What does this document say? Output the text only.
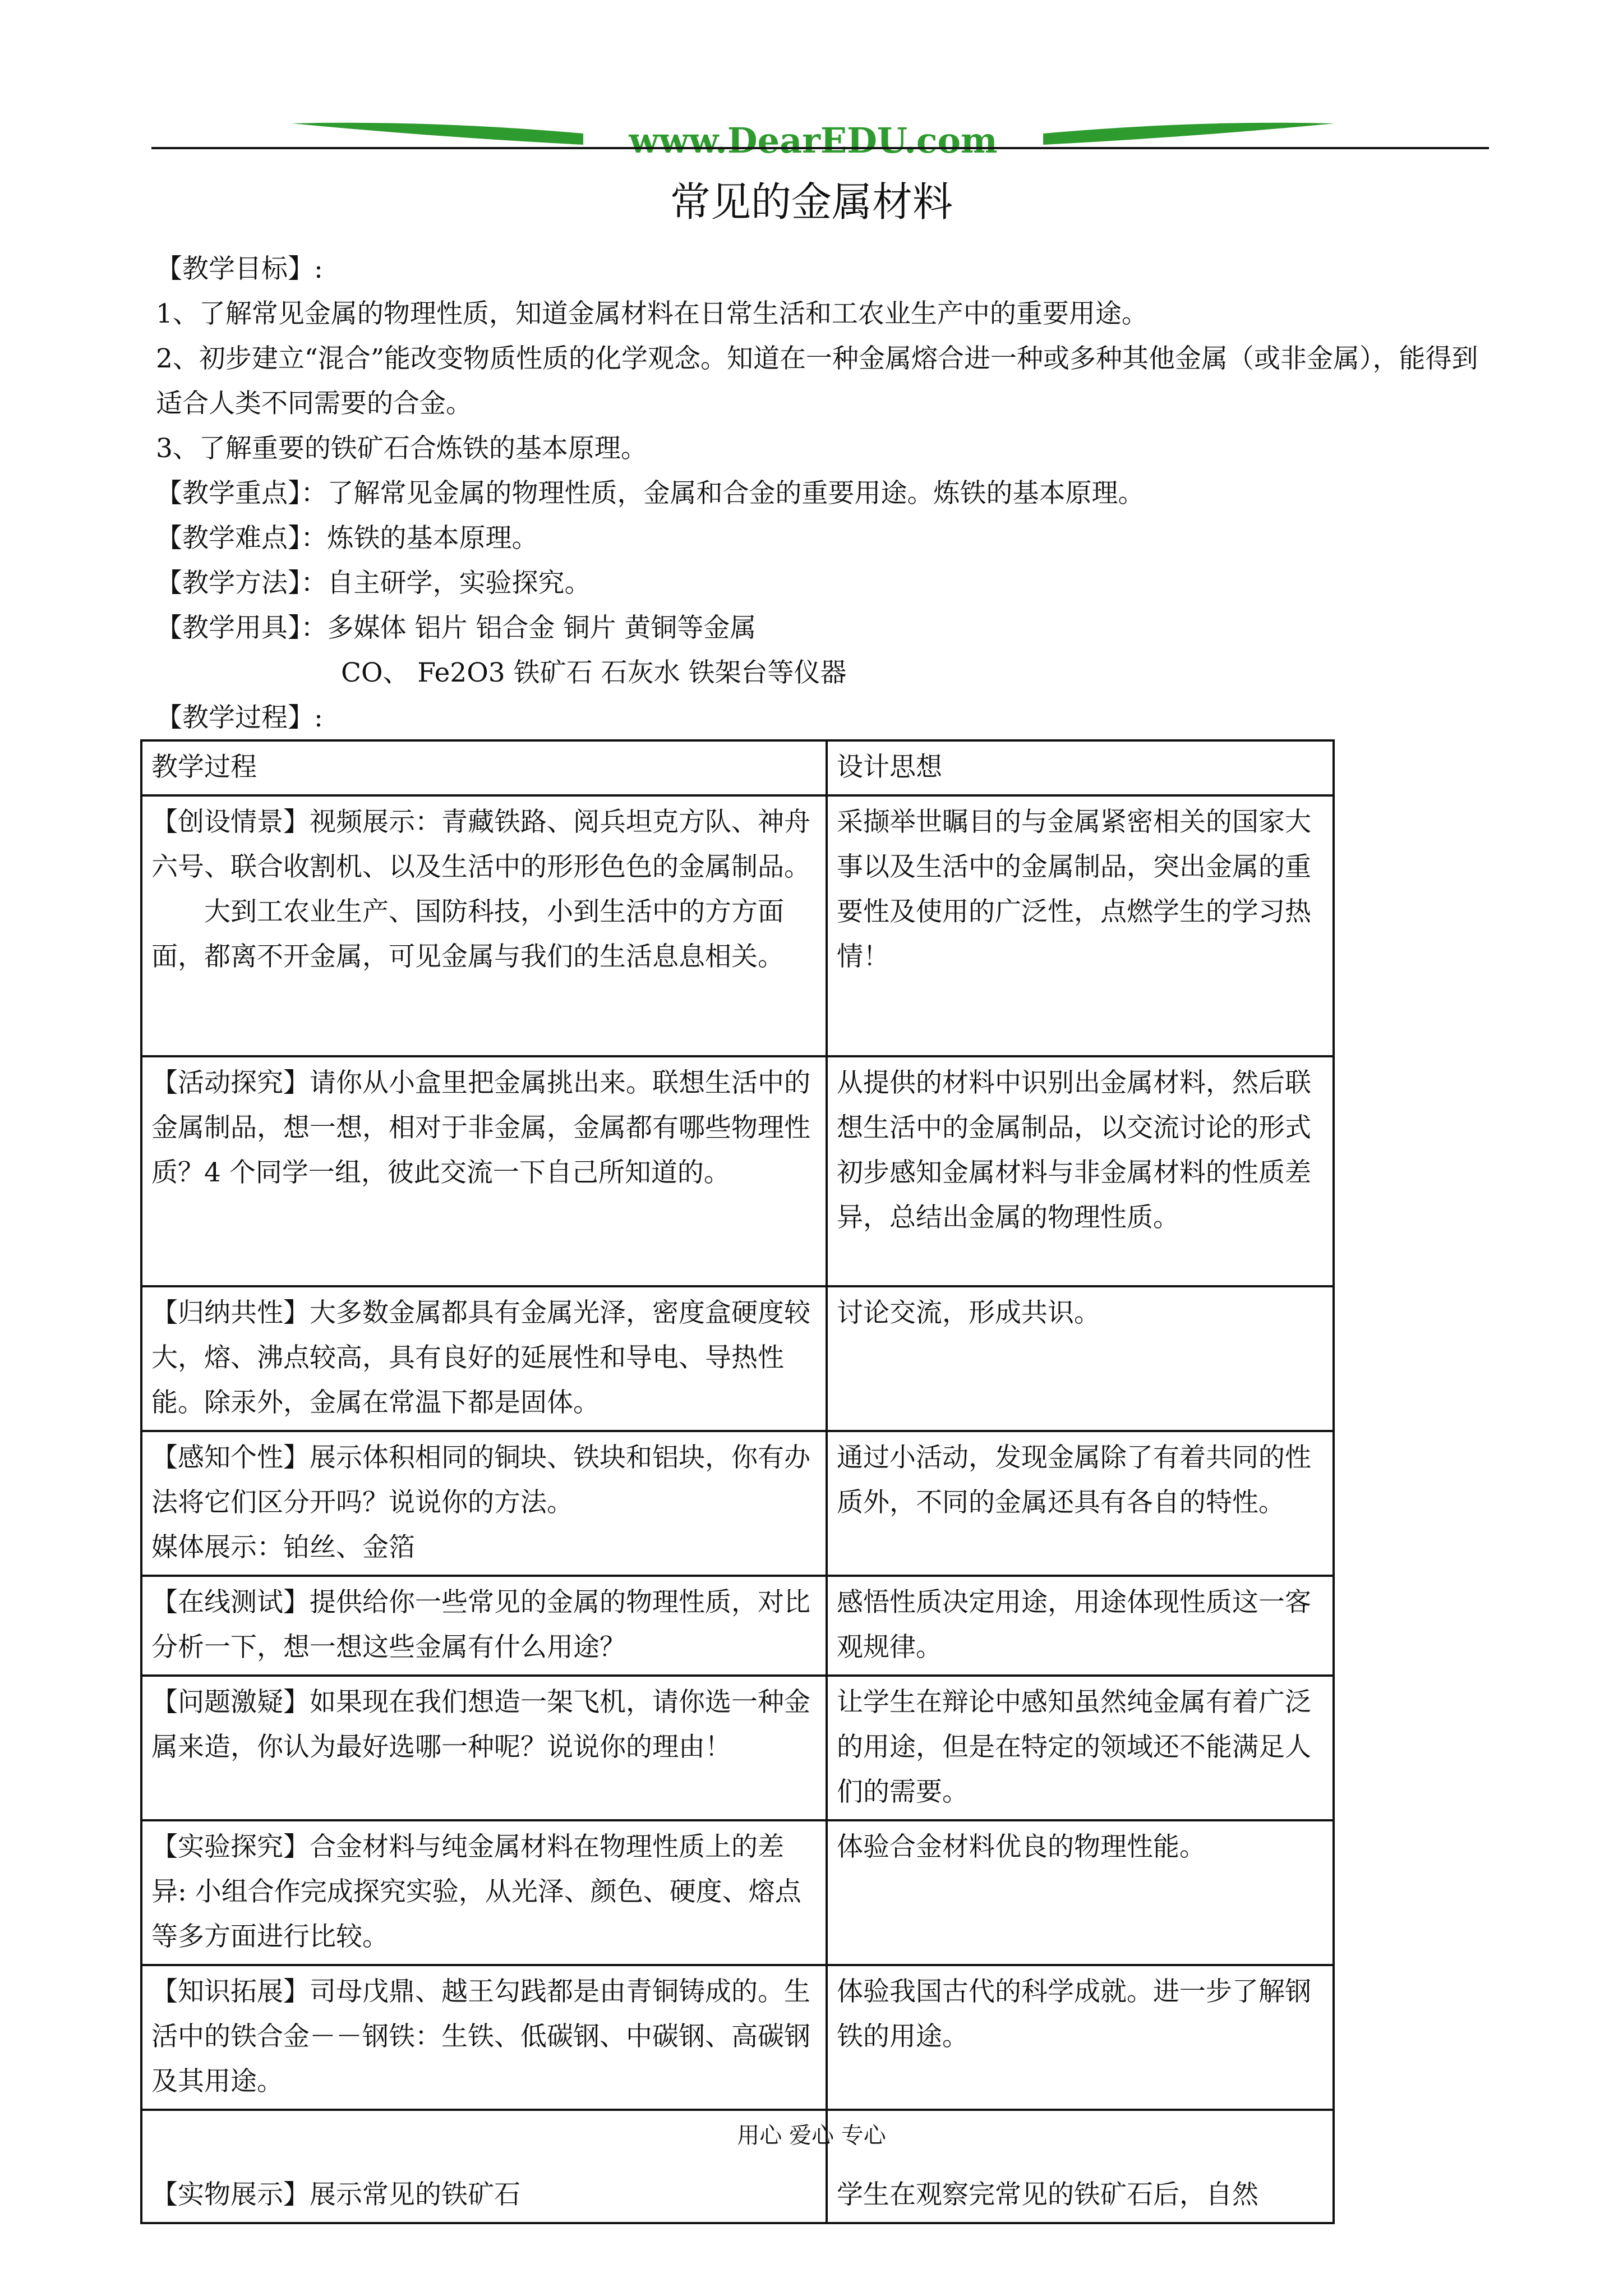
www.DearEDU.com
常见的金属材料
【教学目标】:
1、了解常见金属的物理性质，知道金属材料在日常生活和工农业生产中的重要用途。
2、初步建立“混合”能改变物质性质的化学观念。知道在一种金属熔合进一种或多种其他金属（或非金属），能得到适合人类不同需要的合金。
3、了解重要的铁矿石合炼铁的基本原理。
【教学重点】：了解常见金属的物理性质，金属和合金的重要用途。炼铁的基本原理。
【教学难点】：炼铁的基本原理。
【教学方法】：自主研学，实验探究。
【教学用具】：多媒体 铝片 铝合金 铜片 黄铜等金属
CO、 Fe2O3 铁矿石 石灰水 铁架台等仪器
【教学过程】:
教学过程	设计思想

【创设情景】视频展示：青藏铁路、阅兵坦克方队、神舟六号、联合收割机、以及生活中的形形色色的金属制品。
大到工农业生产、国防科技，小到生活中的方方面面，都离不开金属，可见金属与我们的生活息息相关。	采撷举世瞩目的与金属紧密相关的国家大事以及生活中的金属制品，突出金属的重要性及使用的广泛性，点燃学生的学习热情！
【活动探究】请你从小盒里把金属挑出来。联想生活中的金属制品，想一想，相对于非金属，金属都有哪些物理性质？4 个同学一组，彼此交流一下自己所知道的。	从提供的材料中识别出金属材料，然后联想生活中的金属制品，以交流讨论的形式初步感知金属材料与非金属材料的性质差异，总结出金属的物理性质。
【归纳共性】大多数金属都具有金属光泽，密度盒硬度较大，熔、沸点较高，具有良好的延展性和导电、导热性能。除汞外，金属在常温下都是固体。	讨论交流，形成共识。

【感知个性】展示体积相同的铜块、铁块和铝块，你有办法将它们区分开吗？说说你的方法。
媒体展示：铂丝、金箔	通过小活动，发现金属除了有着共同的性质外，不同的金属还具有各自的特性。
【在线测试】提供给你一些常见的金属的物理性质，对比分析一下，想一想这些金属有什么用途？	感悟性质决定用途，用途体现性质这一客观规律。
【问题激疑】如果现在我们想造一架飞机，请你选一种金属来造，你认为最好选哪一种呢？说说你的理由！	让学生在辩论中感知虽然纯金属有着广泛的用途，但是在特定的领域还不能满足人们的需要。
【实验探究】合金材料与纯金属材料在物理性质上的差异: 小组合作完成探究实验，从光泽、颜色、硬度、熔点等多方面进行比较。	体验合金材料优良的物理性能。
【知识拓展】司母戊鼎、越王勾践都是由青铜铸成的。生活中的铁合金－－钢铁：生铁、低碳钢、中碳钢、高碳钢及其用途。	体验我国古代的科学成就。进一步了解钢铁的用途。

【实物展示】展示常见的铁矿石	学生在观察完常见的铁矿石后，自然
用心 爱心 专心
